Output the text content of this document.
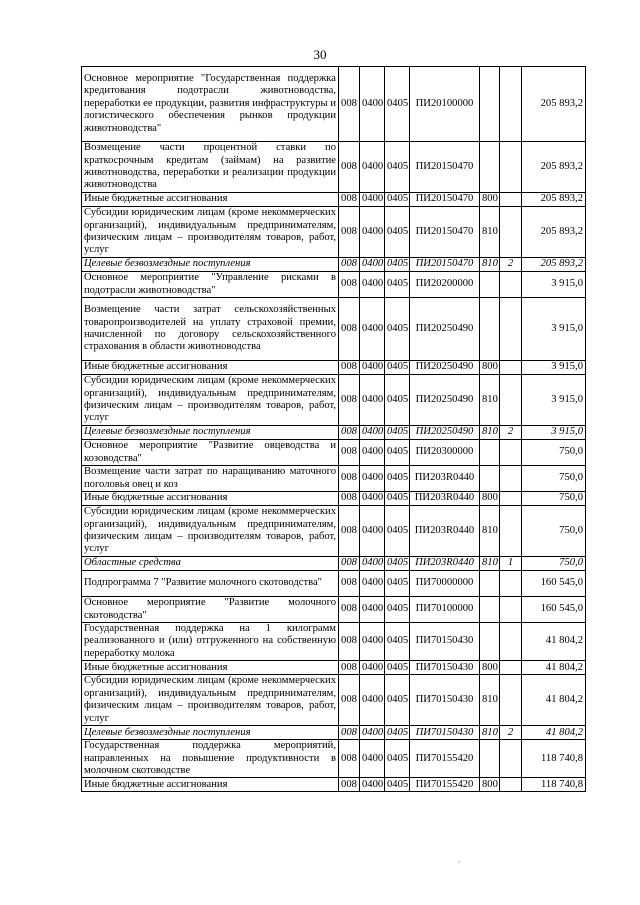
30
Основное мероприятие "Государственная поддержка кредитования подотрасли животноводства, переработки ее продукции, развития инфраструктуры и логистического обеспечения рынков продукции животноводства"	008	0400	0405	ПИ20100000			205 893,2
Возмещение части процентной ставки по краткосрочным кредитам (займам) на развитие животноводства, переработки и реализации продукции животноводства	008	0400	0405	ПИ20150470			205 893,2
Иные бюджетные ассигнования	008	0400	0405	ПИ20150470	800		205 893,2
Субсидии юридическим лицам (кроме некоммерческих организаций), индивидуальным предпринимателям, физическим лицам – производителям товаров, работ, услуг	008	0400	0405	ПИ20150470	810		205 893,2
Целевые безвозмездные поступления	008	0400	0405	ПИ20150470	810	2	205 893,2
Основное мероприятие "Управление рисками в подотрасли животноводства"	008	0400	0405	ПИ20200000			3 915,0
Возмещение части затрат сельскохозяйственных товаропроизводителей на уплату страховой премии, начисленной по договору сельскохозяйственного страхования в области животноводства	008	0400	0405	ПИ20250490			3 915,0
Иные бюджетные ассигнования	008	0400	0405	ПИ20250490	800		3 915,0
Субсидии юридическим лицам (кроме некоммерческих организаций), индивидуальным предпринимателям, физическим лицам – производителям товаров, работ, услуг	008	0400	0405	ПИ20250490	810		3 915,0
Целевые безвозмездные поступления	008	0400	0405	ПИ20250490	810	2	3 915,0
Основное мероприятие "Развитие овцеводства и козоводства"	008	0400	0405	ПИ20300000			750,0
Возмещение части затрат по наращиванию маточного поголовья овец и коз	008	0400	0405	ПИ203R0440			750,0
Иные бюджетные ассигнования	008	0400	0405	ПИ203R0440	800		750,0
Субсидии юридическим лицам (кроме некоммерческих организаций), индивидуальным предпринимателям, физическим лицам – производителям товаров, работ, услуг	008	0400	0405	ПИ203R0440	810		750,0
Областные средства	008	0400	0405	ПИ203R0440	810	1	750,0
Подпрограмма 7 "Развитие молочного скотоводства"	008	0400	0405	ПИ70000000			160 545,0
Основное мероприятие "Развитие молочного скотоводства"	008	0400	0405	ПИ70100000			160 545,0
Государственная поддержка на 1 килограмм реализованного и (или) отгруженного на собственную переработку молока	008	0400	0405	ПИ70150430			41 804,2
Иные бюджетные ассигнования	008	0400	0405	ПИ70150430	800		41 804,2
Субсидии юридическим лицам (кроме некоммерческих организаций), индивидуальным предпринимателям, физическим лицам – производителям товаров, работ, услуг	008	0400	0405	ПИ70150430	810		41 804,2
Целевые безвозмездные поступления	008	0400	0405	ПИ70150430	810	2	41 804,2
Государственная поддержка мероприятий, направленных на повышение продуктивности в молочном скотоводстве	008	0400	0405	ПИ70155420			118 740,8
Иные бюджетные ассигнования	008	0400	0405	ПИ70155420	800		118 740,8
·
